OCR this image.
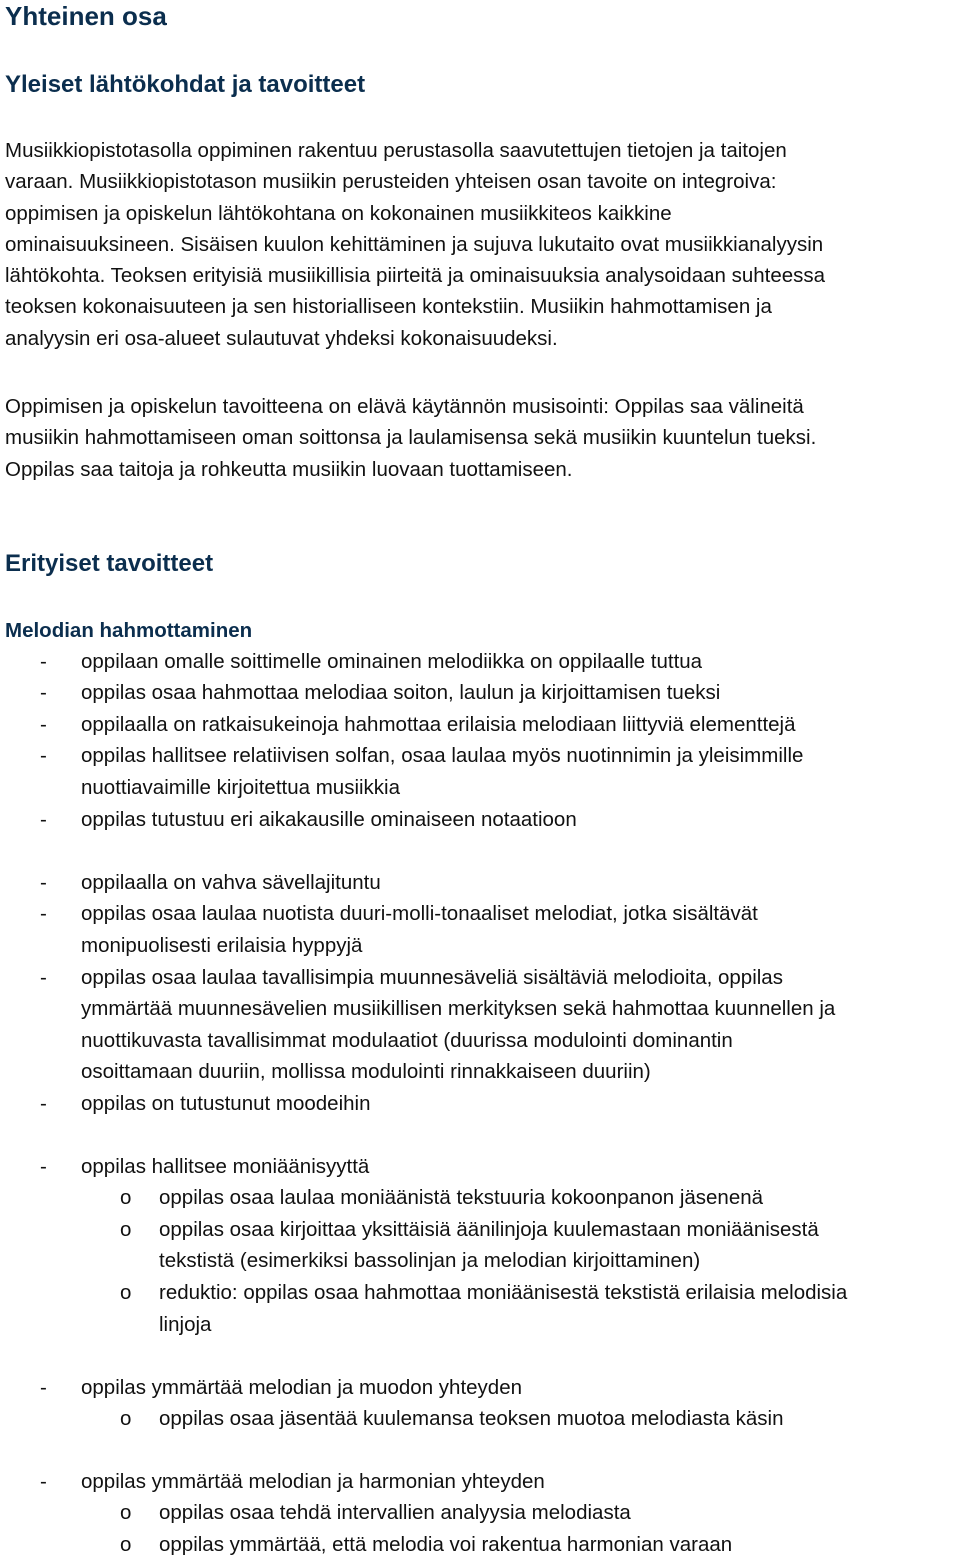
Yhteinen osa
Yleiset lähtökohdat ja tavoitteet
Musiikkiopistotasolla oppiminen rakentuu perustasolla saavutettujen tietojen ja taitojen
varaan. Musiikkiopistotason musiikin perusteiden yhteisen osan tavoite on integroiva:
oppimisen ja opiskelun lähtökohtana on kokonainen musiikkiteos kaikkine
ominaisuuksineen. Sisäisen kuulon kehittäminen ja sujuva lukutaito ovat musiikkianalyysin
lähtökohta. Teoksen erityisiä musiikillisia piirteitä ja ominaisuuksia analysoidaan suhteessa
teoksen kokonaisuuteen ja sen historialliseen kontekstiin. Musiikin hahmottamisen ja
analyysin eri osa-alueet sulautuvat yhdeksi kokonaisuudeksi.
Oppimisen ja opiskelun tavoitteena on elävä käytännön musisointi: Oppilas saa välineitä
musiikin hahmottamiseen oman soittonsa ja laulamisensa sekä musiikin kuuntelun tueksi.
Oppilas saa taitoja ja rohkeutta musiikin luovaan tuottamiseen.
Erityiset tavoitteet
Melodian hahmottaminen
- oppilaan omalle soittimelle ominainen melodiikka on oppilaalle tuttua
- oppilas osaa hahmottaa melodiaa soiton, laulun ja kirjoittamisen tueksi
- oppilaalla on ratkaisukeinoja hahmottaa erilaisia melodiaan liittyviä elementtejä
- oppilas hallitsee relatiivisen solfan, osaa laulaa myös nuotinnimin ja yleisimmille
nuottiavaimille kirjoitettua musiikkia
- oppilas tutustuu eri aikakausille ominaiseen notaatioon
- oppilaalla on vahva sävellajituntu
- oppilas osaa laulaa nuotista duuri-molli-tonaaliset melodiat, jotka sisältävät
monipuolisesti erilaisia hyppyjä
- oppilas osaa laulaa tavallisimpia muunnesäveliä sisältäviä melodioita, oppilas
ymmärtää muunnesävelien musiikillisen merkityksen sekä hahmottaa kuunnellen ja
nuottikuvasta tavallisimmat modulaatiot (duurissa modulointi dominantin
osoittamaan duuriin, mollissa modulointi rinnakkaiseen duuriin)
- oppilas on tutustunut moodeihin
- oppilas hallitsee moniäänisyyttä
o oppilas osaa laulaa moniäänistä tekstuuria kokoonpanon jäsenenä
o oppilas osaa kirjoittaa yksittäisiä äänilinjoja kuulemastaan moniäänisestä
tekstistä (esimerkiksi bassolinjan ja melodian kirjoittaminen)
o reduktio: oppilas osaa hahmottaa moniäänisestä tekstistä erilaisia melodisia
linjoja
- oppilas ymmärtää melodian ja muodon yhteyden
o oppilas osaa jäsentää kuulemansa teoksen muotoa melodiasta käsin
- oppilas ymmärtää melodian ja harmonian yhteyden
o oppilas osaa tehdä intervallien analyysia melodiasta
o oppilas ymmärtää, että melodia voi rakentua harmonian varaan
